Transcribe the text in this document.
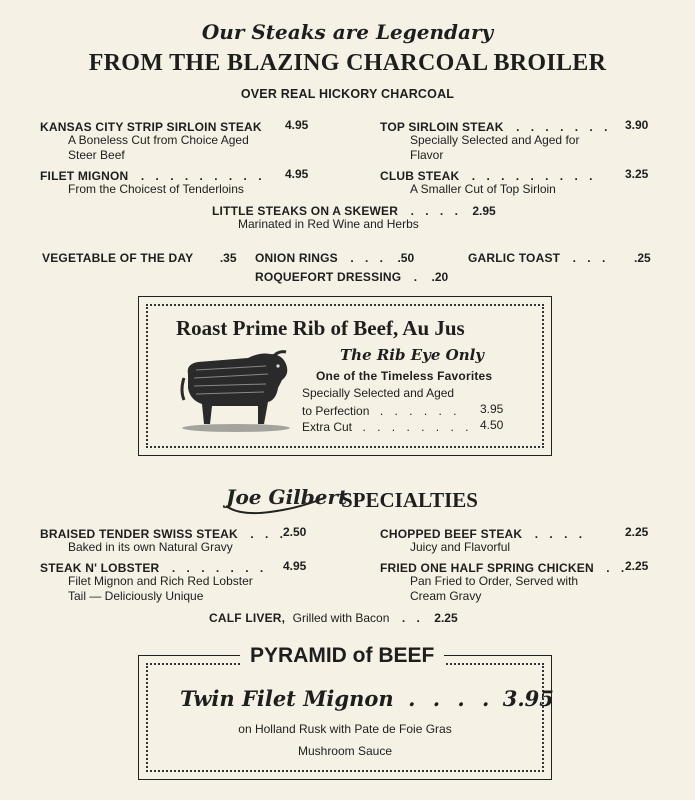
Our Steaks are Legendary
FROM THE BLAZING CHARCOAL BROILER
OVER REAL HICKORY CHARCOAL
KANSAS CITY STRIP SIRLOIN STEAK 4.95
A Boneless Cut from Choice Aged
Steer Beef
FILET MIGNON . . . . . . . . . 4.95
From the Choicest of Tenderloins
TOP SIRLOIN STEAK . . . . . . . 3.90
Specially Selected and Aged for
Flavor
CLUB STEAK . . . . . . . . . 3.25
A Smaller Cut of Top Sirloin
LITTLE STEAKS ON A SKEWER . . . . 2.95
Marinated in Red Wine and Herbs
VEGETABLE OF THE DAY .35 ONION RINGS . . . .50	GARLIC TOAST . . . .25
ROQUEFORT DRESSING . .20
Roast Prime Rib of Beef, Au Jus
The Rib Eye Only
One of the Timeless Favorites
Specially Selected and Aged
to Perfection . . . . . . 3.95
Extra Cut . . . . . . . . 4.50
Joe Gilbert
SPECIALTIES
BRAISED TENDER SWISS STEAK . . .
2.50
Baked in its own Natural Gravy
STEAK N' LOBSTER . . . . . . . 4.95
Filet Mignon and Rich Red Lobster
Tail — Deliciously Unique
CHOPPED BEEF STEAK . . . .	2.25
Juicy and Flavorful
FRIED ONE HALF SPRING CHICKEN . .
2.25
Pan Fried to Order, Served with
Cream Gravy
CALF LIVER, Grilled with Bacon . . 2.25
PYRAMID of BEEF
Twin Filet Mignon . . . . 3.95
on Holland Rusk with Pate de Foie Gras
Mushroom Sauce
